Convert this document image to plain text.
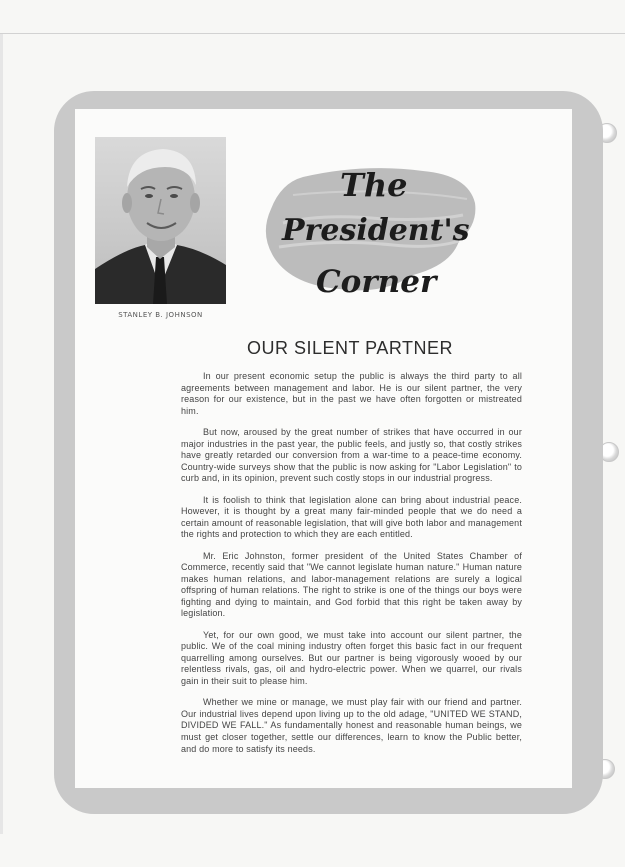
STANLEY B. JOHNSON
The
President's
Corner
OUR SILENT PARTNER

In our present economic setup the public is always the third party to all agreements between management and labor. He is our silent partner, the very reason for our existence, but in the past we have often forgotten or mistreated him.

But now, aroused by the great number of strikes that have occurred in our major industries in the past year, the public feels, and justly so, that costly strikes have greatly retarded our conversion from a war-time to a peace-time economy. Country-wide surveys show that the public is now asking for "Labor Legislation" to curb and, in its opinion, prevent such costly stops in our industrial progress.

It is foolish to think that legislation alone can bring about industrial peace. However, it is thought by a great many fair-minded people that we do need a certain amount of reasonable legislation, that will give both labor and management the rights and protection to which they are each entitled.

Mr. Eric Johnston, former president of the United States Chamber of Commerce, recently said that "We cannot legislate human nature." Human nature makes human relations, and labor-management relations are surely a logical offspring of human relations. The right to strike is one of the things our boys were fighting and dying to maintain, and God forbid that this right be taken away by legislation.

Yet, for our own good, we must take into account our silent partner, the public. We of the coal mining industry often forget this basic fact in our frequent quarrelling among ourselves. But our partner is being vigorously wooed by our relentless rivals, gas, oil and hydro-electric power. When we quarrel, our rivals gain in their suit to please him.

Whether we mine or manage, we must play fair with our friend and partner. Our industrial lives depend upon living up to the old adage, "UNITED WE STAND, DIVIDED WE FALL." As fundamentally honest and reasonable human beings, we must get closer together, settle our differences, learn to know the Public better, and do more to satisfy its needs.
